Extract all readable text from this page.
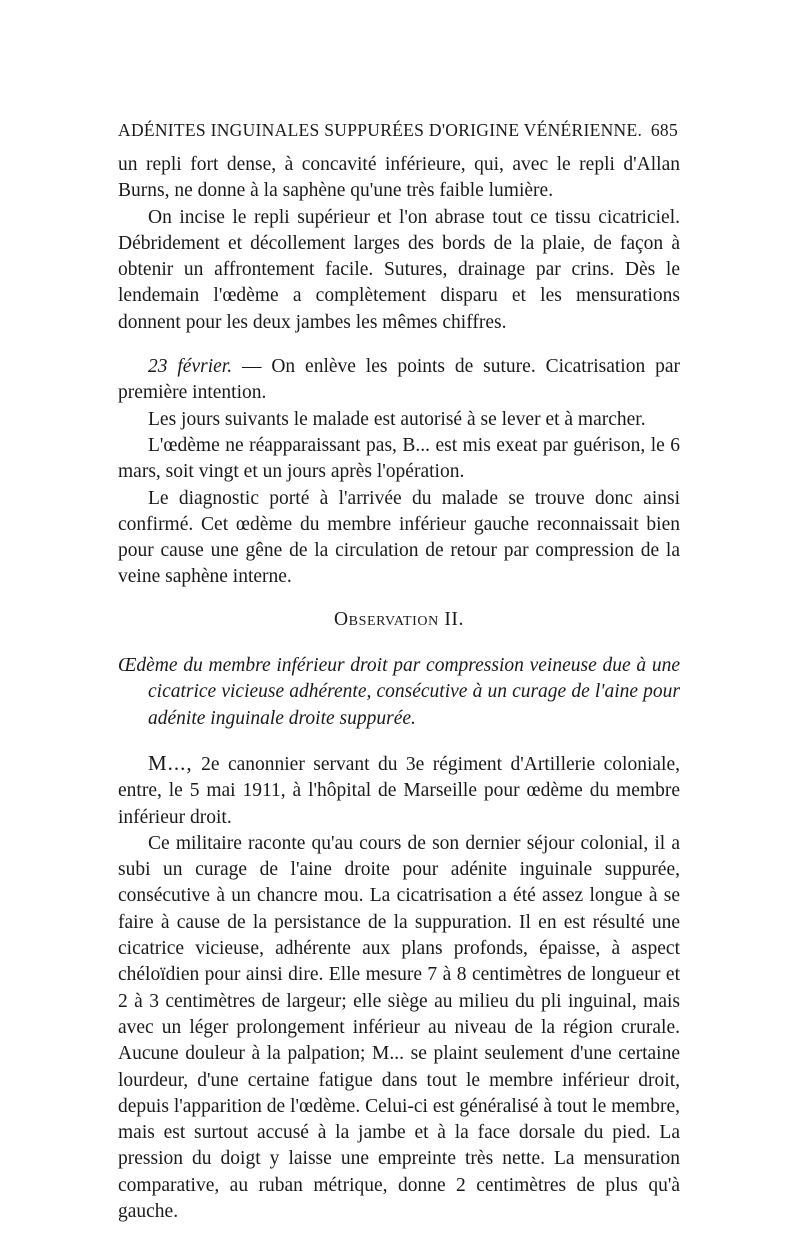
ADÉNITES INGUINALES SUPPURÉES D'ORIGINE VÉNÉRIENNE. 685

un repli fort dense, à concavité inférieure, qui, avec le repli d'Allan Burns, ne donne à la saphène qu'une très faible lumière.

On incise le repli supérieur et l'on abrase tout ce tissu cicatriciel. Débridement et décollement larges des bords de la plaie, de façon à obtenir un affrontement facile. Sutures, drainage par crins. Dès le lendemain l'œdème a complètement disparu et les mensurations donnent pour les deux jambes les mêmes chiffres.

23 février. — On enlève les points de suture. Cicatrisation par première intention.

Les jours suivants le malade est autorisé à se lever et à marcher.

L'œdème ne réapparaissant pas, B... est mis exeat par guérison, le 6 mars, soit vingt et un jours après l'opération.

Le diagnostic porté à l'arrivée du malade se trouve donc ainsi confirmé. Cet œdème du membre inférieur gauche reconnaissait bien pour cause une gêne de la circulation de retour par compression de la veine saphène interne.

Observation II.

Œdème du membre inférieur droit par compression veineuse due à une cicatrice vicieuse adhérente, consécutive à un curage de l'aine pour adénite inguinale droite suppurée.

M..., 2e canonnier servant du 3e régiment d'Artillerie coloniale, entre, le 5 mai 1911, à l'hôpital de Marseille pour œdème du membre inférieur droit.

Ce militaire raconte qu'au cours de son dernier séjour colonial, il a subi un curage de l'aine droite pour adénite inguinale suppurée, consécutive à un chancre mou. La cicatrisation a été assez longue à se faire à cause de la persistance de la suppuration. Il en est résulté une cicatrice vicieuse, adhérente aux plans profonds, épaisse, à aspect chéloïdien pour ainsi dire. Elle mesure 7 à 8 centimètres de longueur et 2 à 3 centimètres de largeur; elle siège au milieu du pli inguinal, mais avec un léger prolongement inférieur au niveau de la région crurale. Aucune douleur à la palpation; M... se plaint seulement d'une certaine lourdeur, d'une certaine fatigue dans tout le membre inférieur droit, depuis l'apparition de l'œdème. Celui-ci est généralisé à tout le membre, mais est surtout accusé à la jambe et à la face dorsale du pied. La pression du doigt y laisse une empreinte très nette. La mensuration comparative, au ruban métrique, donne 2 centimètres de plus qu'à gauche.
